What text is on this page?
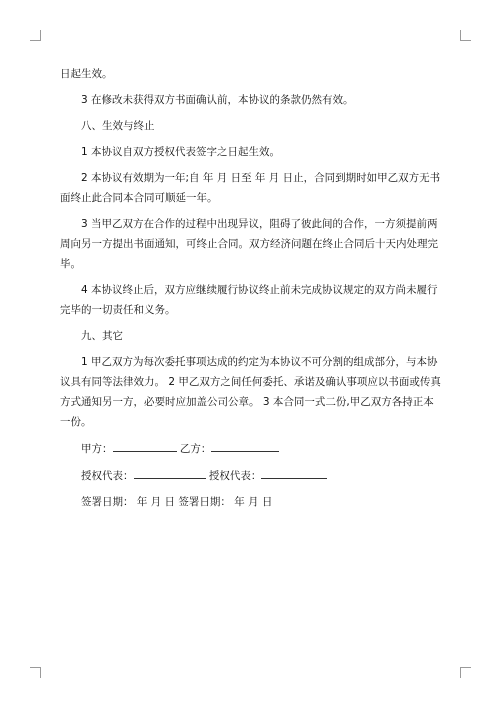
日起生效。

3 在修改未获得双方书面确认前，本协议的条款仍然有效。

八、生效与终止

1 本协议自双方授权代表签字之日起生效。

2 本协议有效期为一年;自 年 月 日至 年 月 日止，合同到期时如甲乙双方无书面终止此合同本合同可顺延一年。

3 当甲乙双方在合作的过程中出现异议，阻碍了彼此间的合作，一方须提前两周向另一方提出书面通知，可终止合同。双方经济问题在终止合同后十天内处理完毕。

4 本协议终止后，双方应继续履行协议终止前未完成协议规定的双方尚未履行完毕的一切责任和义务。

九、其它

1 甲乙双方为每次委托事项达成的约定为本协议不可分割的组成部分，与本协议具有同等法律效力。 2 甲乙双方之间任何委托、承诺及确认事项应以书面或传真方式通知另一方，必要时应加盖公司公章。 3 本合同一式二份,甲乙双方各持正本一份。

甲方：	乙方：
授权代表：	授权代表：
签署日期： 年 月 日 签署日期： 年 月 日
